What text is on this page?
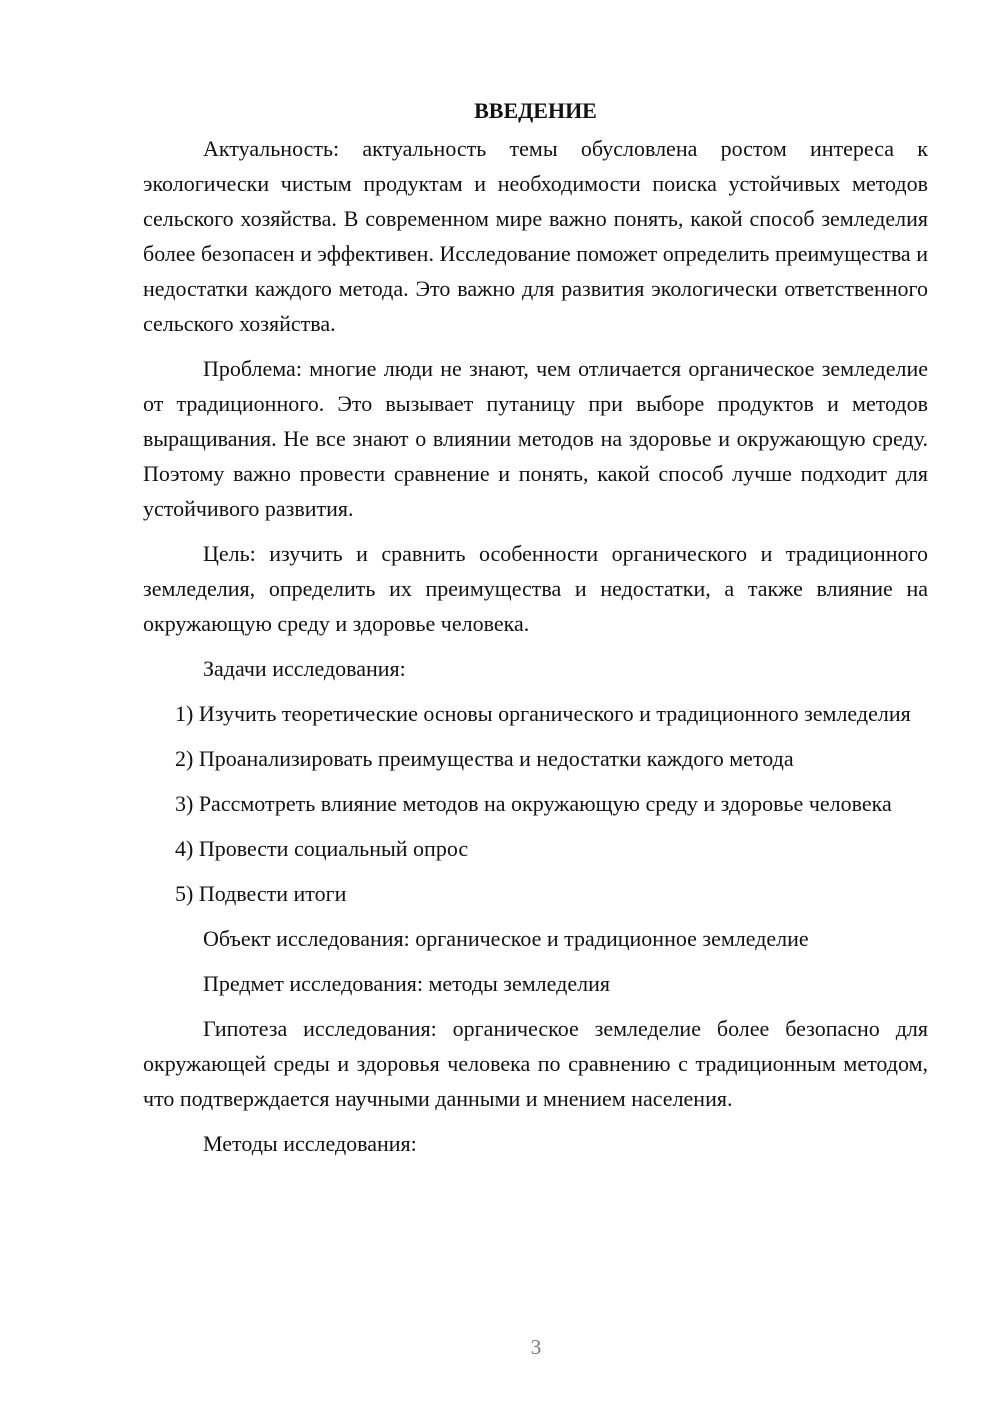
ВВЕДЕНИЕ

Актуальность: актуальность темы обусловлена ростом интереса к экологически чистым продуктам и необходимости поиска устойчивых методов сельского хозяйства. В современном мире важно понять, какой способ земледелия более безопасен и эффективен. Исследование поможет определить преимущества и недостатки каждого метода. Это важно для развития экологически ответственного сельского хозяйства.

Проблема: многие люди не знают, чем отличается органическое земледелие от традиционного. Это вызывает путаницу при выборе продуктов и методов выращивания. Не все знают о влиянии методов на здоровье и окружающую среду. Поэтому важно провести сравнение и понять, какой способ лучше подходит для устойчивого развития.

Цель: изучить и сравнить особенности органического и традиционного земледелия, определить их преимущества и недостатки, а также влияние на окружающую среду и здоровье человека.

Задачи исследования:

1) Изучить теоретические основы органического и традиционного земледелия

2) Проанализировать преимущества и недостатки каждого метода

3) Рассмотреть влияние методов на окружающую среду и здоровье человека

4) Провести социальный опрос

5) Подвести итоги

Объект исследования: органическое и традиционное земледелие

Предмет исследования: методы земледелия

Гипотеза исследования: органическое земледелие более безопасно для окружающей среды и здоровья человека по сравнению с традиционным методом, что подтверждается научными данными и мнением населения.

Методы исследования:

3
